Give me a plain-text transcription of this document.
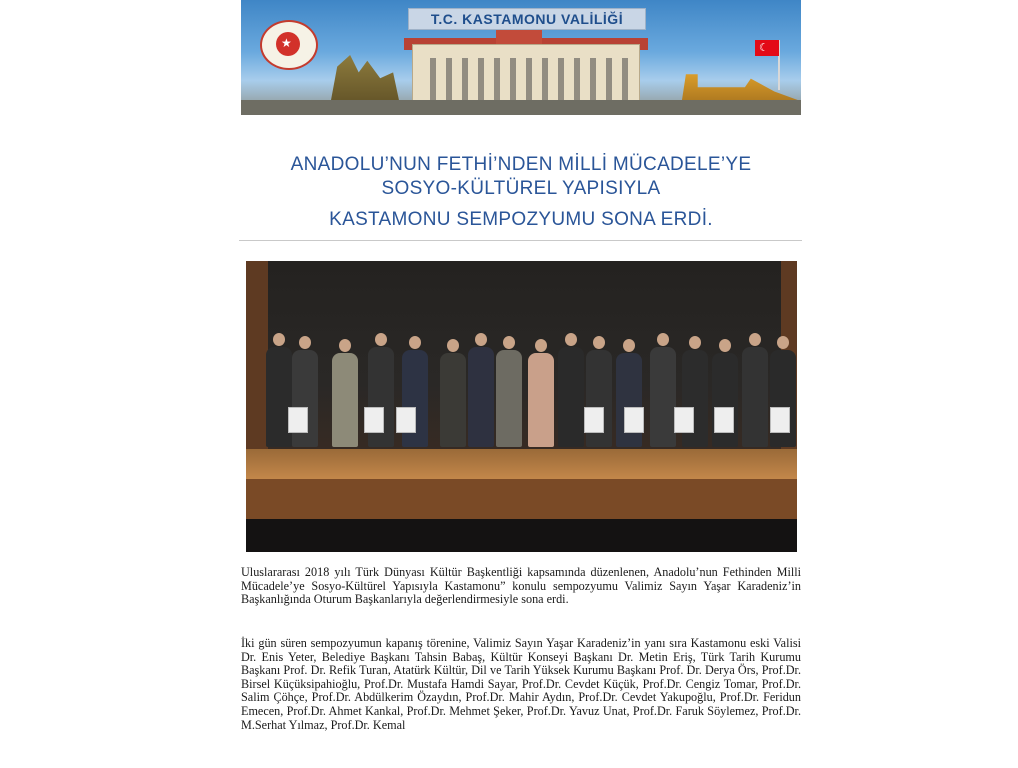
★	☾
T.C. KASTAMONU VALİLİĞİ
ANADOLU’NUN FETHİ’NDEN MİLLİ MÜCADELE’YE
SOSYO-KÜLTÜREL YAPISIYLA
KASTAMONU SEMPOZYUMU SONA ERDİ.
Uluslararası 2018 yılı Türk Dünyası Kültür Başkentliği kapsamında düzenlenen, Anadolu’nun Fethinden Milli Mücadele’ye Sosyo-Kültürel Yapısıyla Kastamonu” konulu sempozyumu Valimiz Sayın Yaşar Karadeniz’in Başkanlığında Oturum Başkanlarıyla değerlendirmesiyle sona erdi.
İki gün süren sempozyumun kapanış törenine, Valimiz Sayın Yaşar Karadeniz’in yanı sıra Kastamonu eski Valisi Dr. Enis Yeter, Belediye Başkanı Tahsin Babaş, Kültür Konseyi Başkanı Dr. Metin Eriş, Türk Tarih Kurumu Başkanı Prof. Dr. Refik Turan, Atatürk Kültür, Dil ve Tarih Yüksek Kurumu Başkanı Prof. Dr. Derya Örs, Prof.Dr. Birsel Küçüksipahioğlu, Prof.Dr. Mustafa Hamdi Sayar, Prof.Dr. Cevdet Küçük, Prof.Dr. Cengiz Tomar, Prof.Dr. Salim Çöhçe, Prof.Dr. Abdülkerim Özaydın, Prof.Dr. Mahir Aydın, Prof.Dr. Cevdet Yakupoğlu, Prof.Dr. Feridun Emecen, Prof.Dr. Ahmet Kankal, Prof.Dr. Mehmet Şeker, Prof.Dr. Yavuz Unat, Prof.Dr. Faruk Söylemez, Prof.Dr. M.Serhat Yılmaz, Prof.Dr. Kemal
